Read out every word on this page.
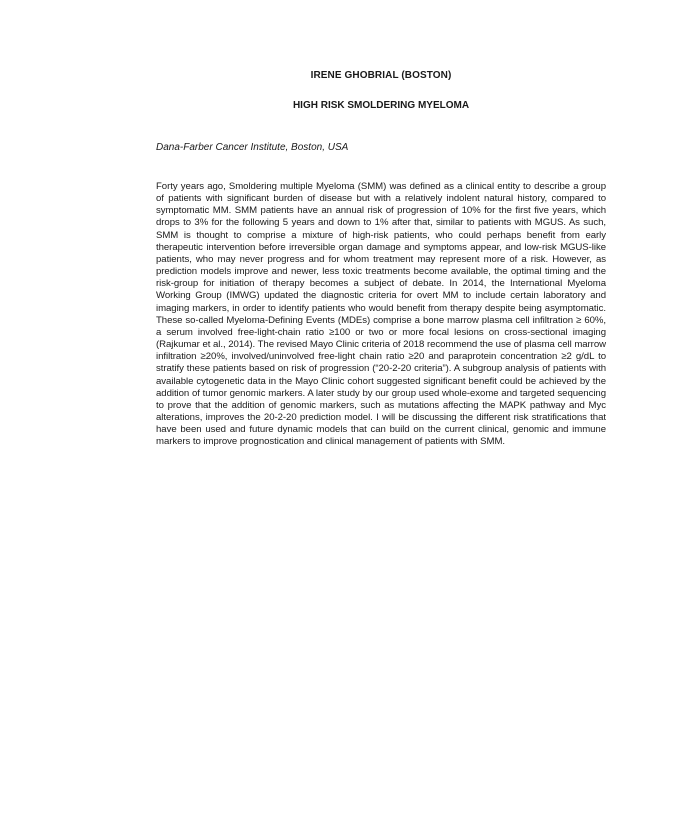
IRENE GHOBRIAL (BOSTON)
HIGH RISK SMOLDERING MYELOMA
Dana-Farber Cancer Institute, Boston, USA

Forty years ago, Smoldering multiple Myeloma (SMM) was defined as a clinical entity to describe a group of patients with significant burden of disease but with a relatively indolent natural history, compared to symptomatic MM. SMM patients have an annual risk of progression of 10% for the first five years, which drops to 3% for the following 5 years and down to 1% after that, similar to patients with MGUS. As such, SMM is thought to comprise a mixture of high-risk patients, who could perhaps benefit from early therapeutic intervention before irreversible organ damage and symptoms appear, and low-risk MGUS-like patients, who may never progress and for whom treatment may represent more of a risk. However, as prediction models improve and newer, less toxic treatments become available, the optimal timing and the risk-group for initiation of therapy becomes a subject of debate. In 2014, the International Myeloma Working Group (IMWG) updated the diagnostic criteria for overt MM to include certain laboratory and imaging markers, in order to identify patients who would benefit from therapy despite being asymptomatic. These so-called Myeloma-Defining Events (MDEs) comprise a bone marrow plasma cell infiltration ≥ 60%, a serum involved free-light-chain ratio ≥100 or two or more focal lesions on cross-sectional imaging (Rajkumar et al., 2014). The revised Mayo Clinic criteria of 2018 recommend the use of plasma cell marrow infiltration ≥20%, involved/uninvolved free-light chain ratio ≥20 and paraprotein concentration ≥2 g/dL to stratify these patients based on risk of progression (“20-2-20 criteria”). A subgroup analysis of patients with available cytogenetic data in the Mayo Clinic cohort suggested significant benefit could be achieved by the addition of tumor genomic markers. A later study by our group used whole-exome and targeted sequencing to prove that the addition of genomic markers, such as mutations affecting the MAPK pathway and Myc alterations, improves the 20-2-20 prediction model. I will be discussing the different risk stratifications that have been used and future dynamic models that can build on the current clinical, genomic and immune markers to improve prognostication and clinical management of patients with SMM.
